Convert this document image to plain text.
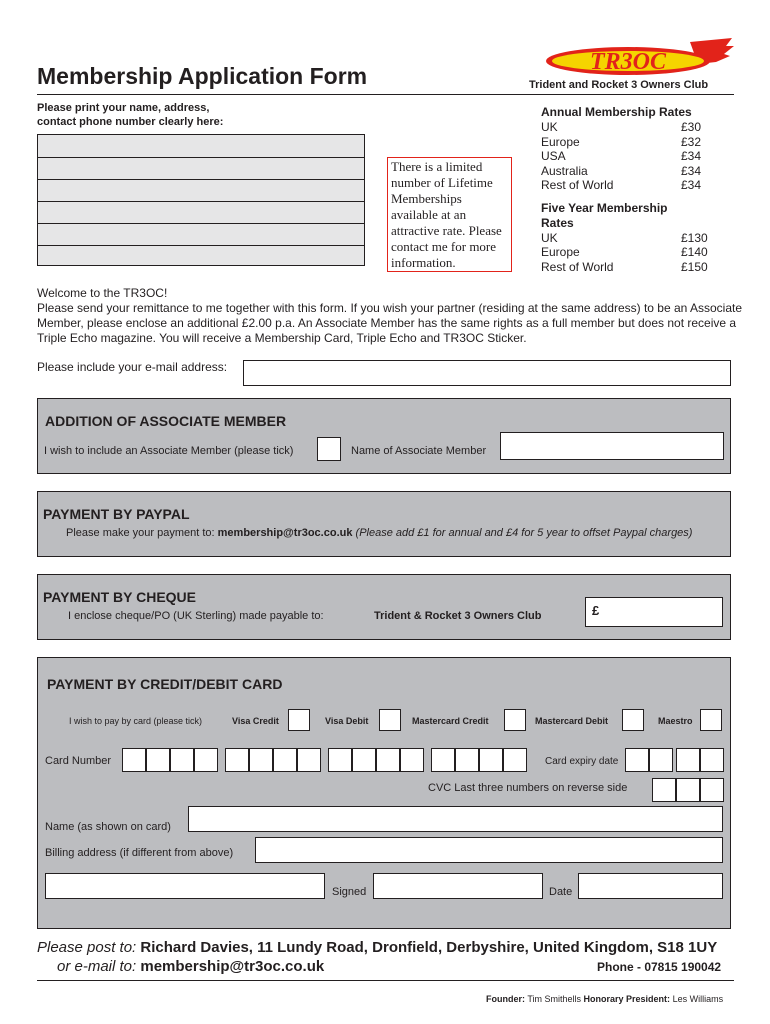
Membership Application Form
TR3OC
Trident and Rocket 3 Owners Club
Please print your name, address,
contact phone number clearly here:
There is a limited number of Lifetime Memberships available at an attractive rate. Please contact me for more information.
Annual Membership Rates
UK	£30
Europe	£32
USA	£34
Australia	£34
Rest of World	£34
Five Year Membership
Rates
UK	£130
Europe	£140
Rest of World	£150
Welcome to the TR3OC!
Please send your remittance to me together with this form. If you wish your partner (residing at the same address) to be an Associate Member, please enclose an additional £2.00 p.a. An Associate Member has the same rights as a full member but does not receive a Triple Echo magazine. You will receive a Membership Card, Triple Echo and TR3OC Sticker.
Please include your e-mail address:
ADDITION OF ASSOCIATE MEMBER
I wish to include an Associate Member (please tick)	Name of Associate Member
PAYMENT BY PAYPAL
Please make your payment to: membership@tr3oc.co.uk (Please add £1 for annual and £4 for 5 year to offset Paypal charges)
PAYMENT BY CHEQUE
I enclose cheque/PO (UK Sterling) made payable to:	Trident & Rocket 3 Owners Club	£
PAYMENT BY CREDIT/DEBIT CARD
I wish to pay by card (please tick)	Visa Credit	Visa Debit	Mastercard Credit	Mastercard Debit	Maestro
Card Number	Card expiry date
CVC Last three numbers on reverse side
Name (as shown on card)
Billing address (if different from above)
Signed	Date
Please post to: Richard Davies, 11 Lundy Road, Dronfield, Derbyshire, United Kingdom, S18 1UY
or e-mail to: membership@tr3oc.co.uk	Phone - 07815 190042
Founder: Tim Smithells Honorary President: Les Williams
